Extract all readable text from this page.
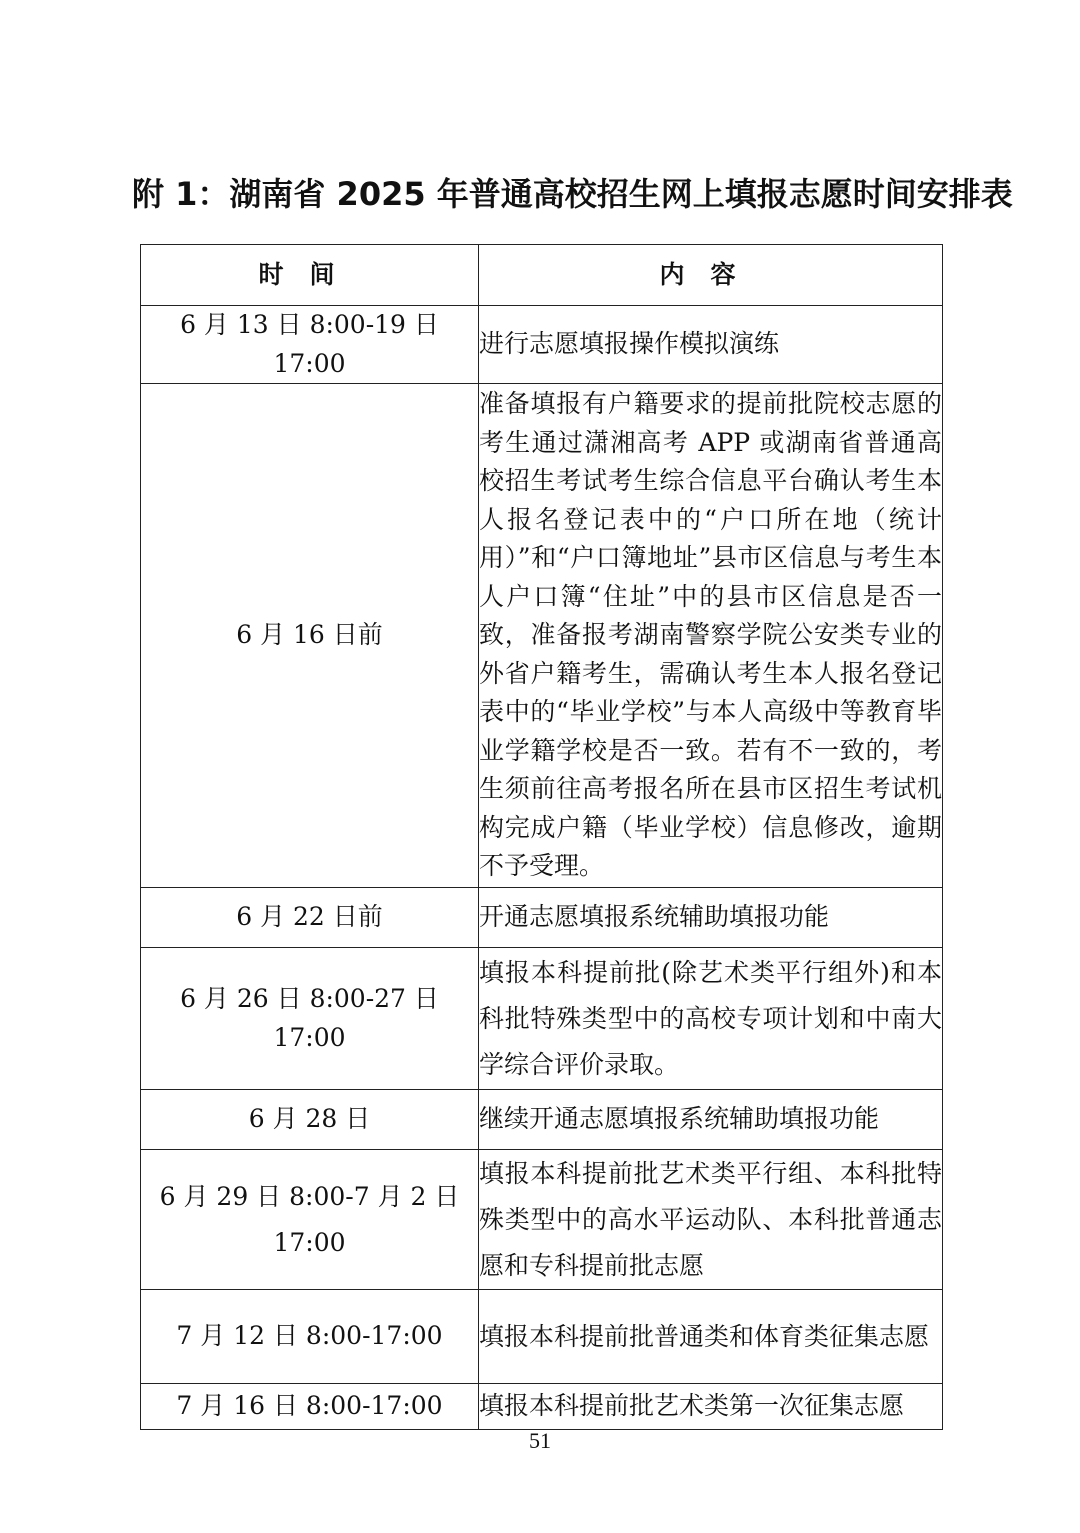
附 1：湖南省 2025 年普通高校招生网上填报志愿时间安排表
时间	内容
6 月 13 日 8:00-19 日 17:00	进行志愿填报操作模拟演练
6 月 16 日前	准备填报有户籍要求的提前批院校志愿的考生通过潇湘高考 APP 或湖南省普通高校招生考试考生综合信息平台确认考生本人报名登记表中的“户口所在地（统计用）”和“户口簿地址”县市区信息与考生本人户口簿“住址”中的县市区信息是否一致，准备报考湖南警察学院公安类专业的外省户籍考生，需确认考生本人报名登记表中的“毕业学校”与本人高级中等教育毕业学籍学校是否一致。若有不一致的，考生须前往高考报名所在县市区招生考试机构完成户籍（毕业学校）信息修改，逾期不予受理。
6 月 22 日前	开通志愿填报系统辅助填报功能
6 月 26 日 8:00-27 日 17:00	填报本科提前批(除艺术类平行组外)和本科批特殊类型中的高校专项计划和中南大学综合评价录取。
6 月 28 日	继续开通志愿填报系统辅助填报功能
6 月 29 日 8:00-7 月 2 日 17:00	填报本科提前批艺术类平行组、本科批特殊类型中的高水平运动队、本科批普通志愿和专科提前批志愿
7 月 12 日 8:00-17:00	填报本科提前批普通类和体育类征集志愿
7 月 16 日 8:00-17:00	填报本科提前批艺术类第一次征集志愿
51
